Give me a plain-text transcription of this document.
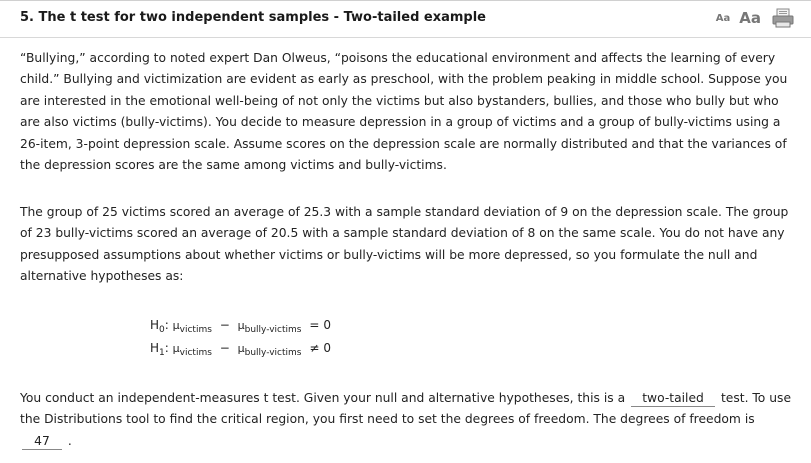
5. The t test for two independent samples - Two-tailed example	Aa Aa

“Bullying,” according to noted expert Dan Olweus, “poisons the educational environment and affects the learning of every child.” Bullying and victimization are evident as early as preschool, with the problem peaking in middle school. Suppose you are interested in the emotional well-being of not only the victims but also bystanders, bullies, and those who bully but who are also victims (bully-victims). You decide to measure depression in a group of victims and a group of bully-victims using a 26-item, 3-point depression scale. Assume scores on the depression scale are normally distributed and that the variances of the depression scores are the same among victims and bully-victims.

The group of 25 victims scored an average of 25.3 with a sample standard deviation of 9 on the depression scale. The group of 23 bully-victims scored an average of 20.5 with a sample standard deviation of 8 on the same scale. You do not have any presupposed assumptions about whether victims or bully-victims will be more depressed, so you formulate the null and alternative hypotheses as:

$H_0$: $\mu_{victims} - \mu_{bully-victims} = 0$
$H_1$: $\mu_{victims} - \mu_{bully-victims} \ne 0$

You conduct an independent-measures t test. Given your null and alternative hypotheses, this is a two-tailed test. To use the Distributions tool to find the critical region, you first need to set the degrees of freedom. The degrees of freedom is 47 .
